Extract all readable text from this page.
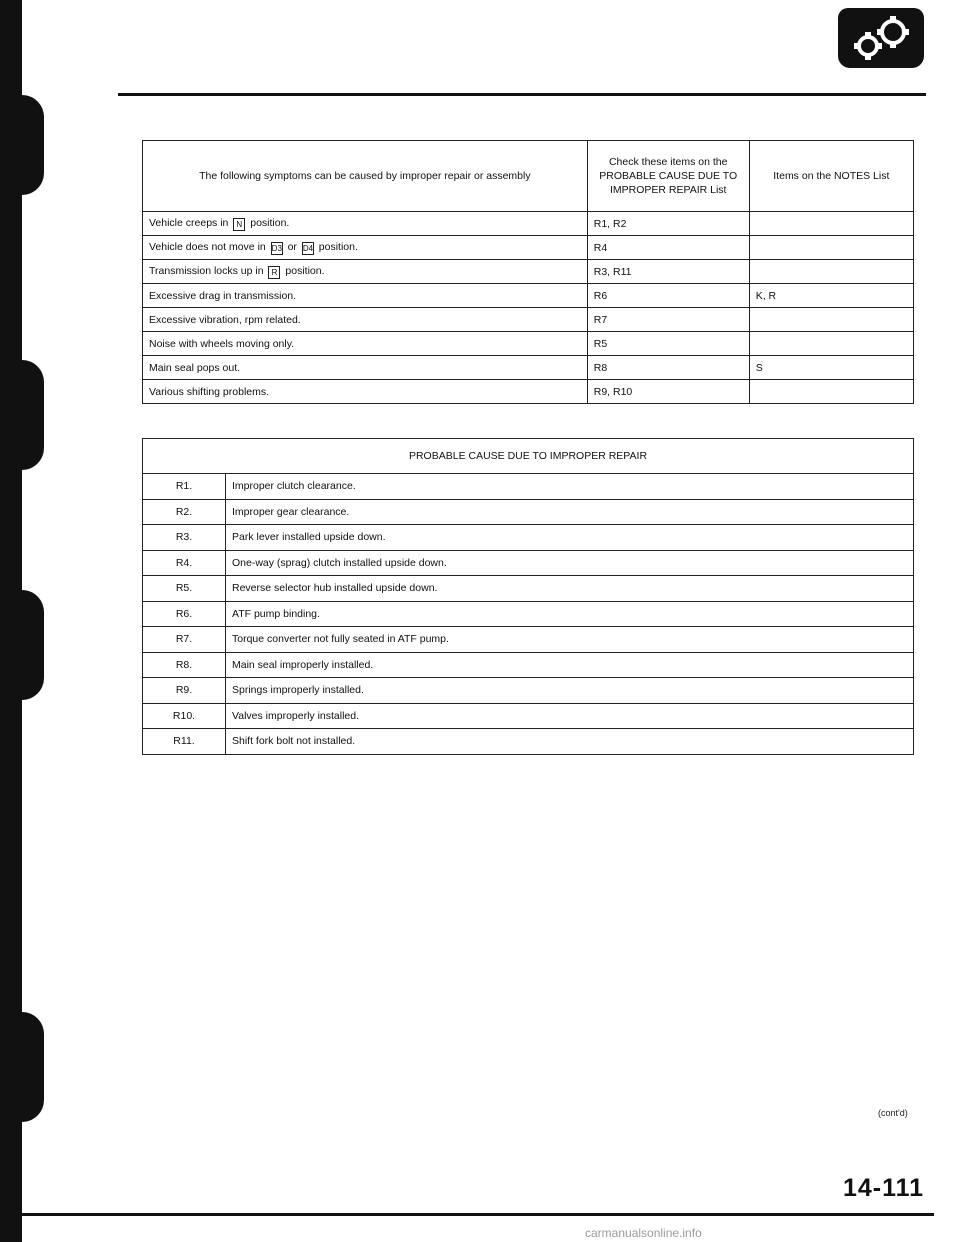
The following symptoms can be caused by improper repair or assembly	Check these items on the PROBABLE CAUSE DUE TO IMPROPER REPAIR List	Items on the NOTES List
Vehicle creeps in N position.	R1, R2	
Vehicle does not move in D3 or D4 position.	R4	
Transmission locks up in R position.	R3, R11	
Excessive drag in transmission.	R6	K, R
Excessive vibration, rpm related.	R7	
Noise with wheels moving only.	R5	
Main seal pops out.	R8	S
Various shifting problems.	R9, R10	
PROBABLE CAUSE DUE TO IMPROPER REPAIR	
R1.	Improper clutch clearance.
R2.	Improper gear clearance.
R3.	Park lever installed upside down.
R4.	One-way (sprag) clutch installed upside down.
R5.	Reverse selector hub installed upside down.
R6.	ATF pump binding.
R7.	Torque converter not fully seated in ATF pump.
R8.	Main seal improperly installed.
R9.	Springs improperly installed.
R10.	Valves improperly installed.
R11.	Shift fork bolt not installed.
(cont'd)
14-111
carmanualsonline.info
